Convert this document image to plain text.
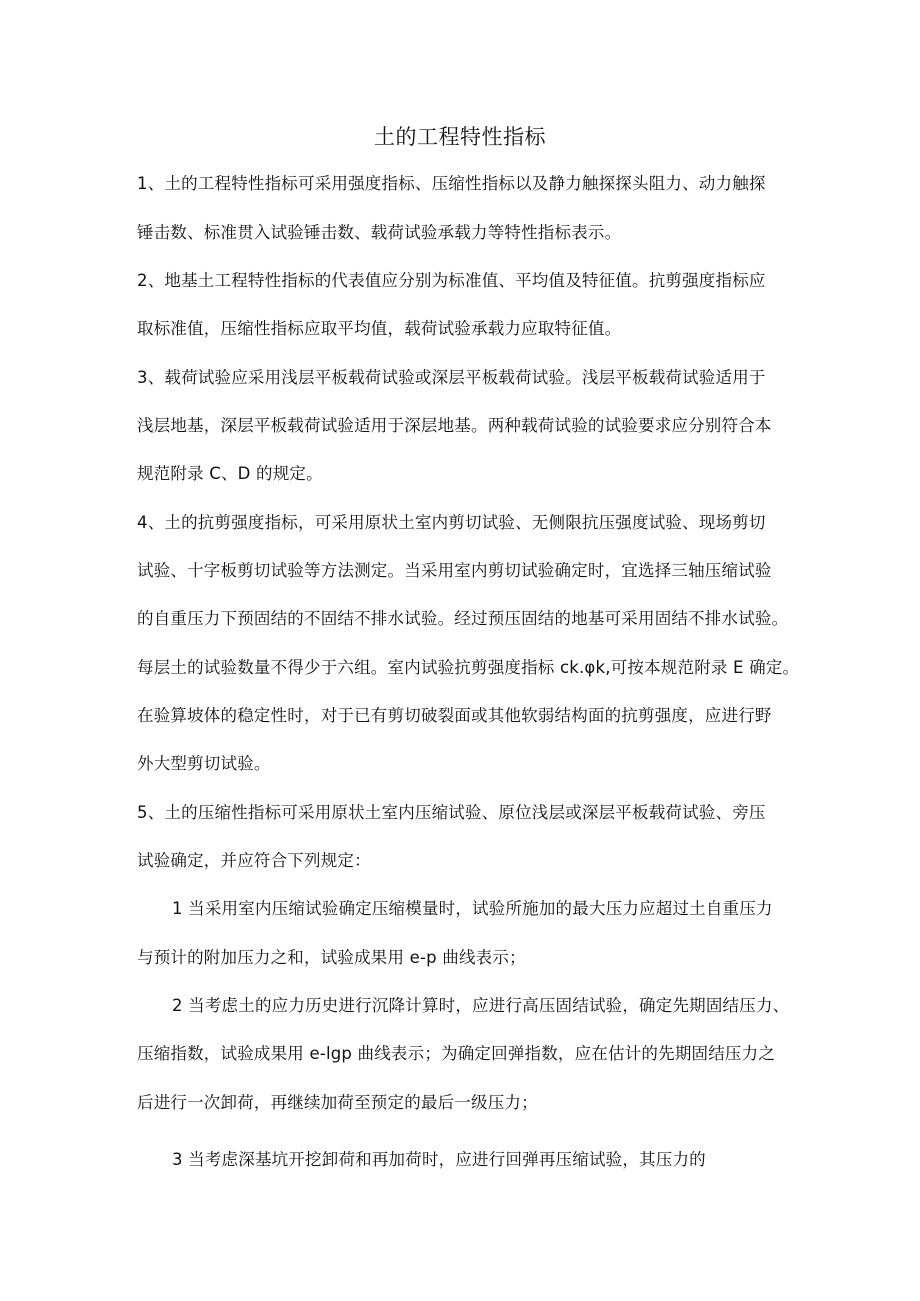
土的工程特性指标
1、土的工程特性指标可采用强度指标、压缩性指标以及静力触探探头阻力、动力触探
锤击数、标准贯入试验锤击数、载荷试验承载力等特性指标表示。
2、地基土工程特性指标的代表值应分别为标准值、平均值及特征值。抗剪强度指标应
取标准值，压缩性指标应取平均值，载荷试验承载力应取特征值。
3、载荷试验应采用浅层平板载荷试验或深层平板载荷试验。浅层平板载荷试验适用于
浅层地基，深层平板载荷试验适用于深层地基。两种载荷试验的试验要求应分别符合本
规范附录 C、D 的规定。
4、土的抗剪强度指标，可采用原状土室内剪切试验、无侧限抗压强度试验、现场剪切
试验、十字板剪切试验等方法测定。当采用室内剪切试验确定时，宜选择三轴压缩试验
的自重压力下预固结的不固结不排水试验。经过预压固结的地基可采用固结不排水试验。
每层土的试验数量不得少于六组。室内试验抗剪强度指标 ck.φk,可按本规范附录 E 确定。
在验算坡体的稳定性时，对于已有剪切破裂面或其他软弱结构面的抗剪强度，应进行野
外大型剪切试验。
5、土的压缩性指标可采用原状土室内压缩试验、原位浅层或深层平板载荷试验、旁压
试验确定，并应符合下列规定：
1 当采用室内压缩试验确定压缩模量时，试验所施加的最大压力应超过土自重压力
与预计的附加压力之和，试验成果用 e-p 曲线表示；
2 当考虑土的应力历史进行沉降计算时，应进行高压固结试验，确定先期固结压力、
压缩指数，试验成果用 e-lgp 曲线表示；为确定回弹指数，应在估计的先期固结压力之
后进行一次卸荷，再继续加荷至预定的最后一级压力；
3 当考虑深基坑开挖卸荷和再加荷时，应进行回弹再压缩试验，其压力的
